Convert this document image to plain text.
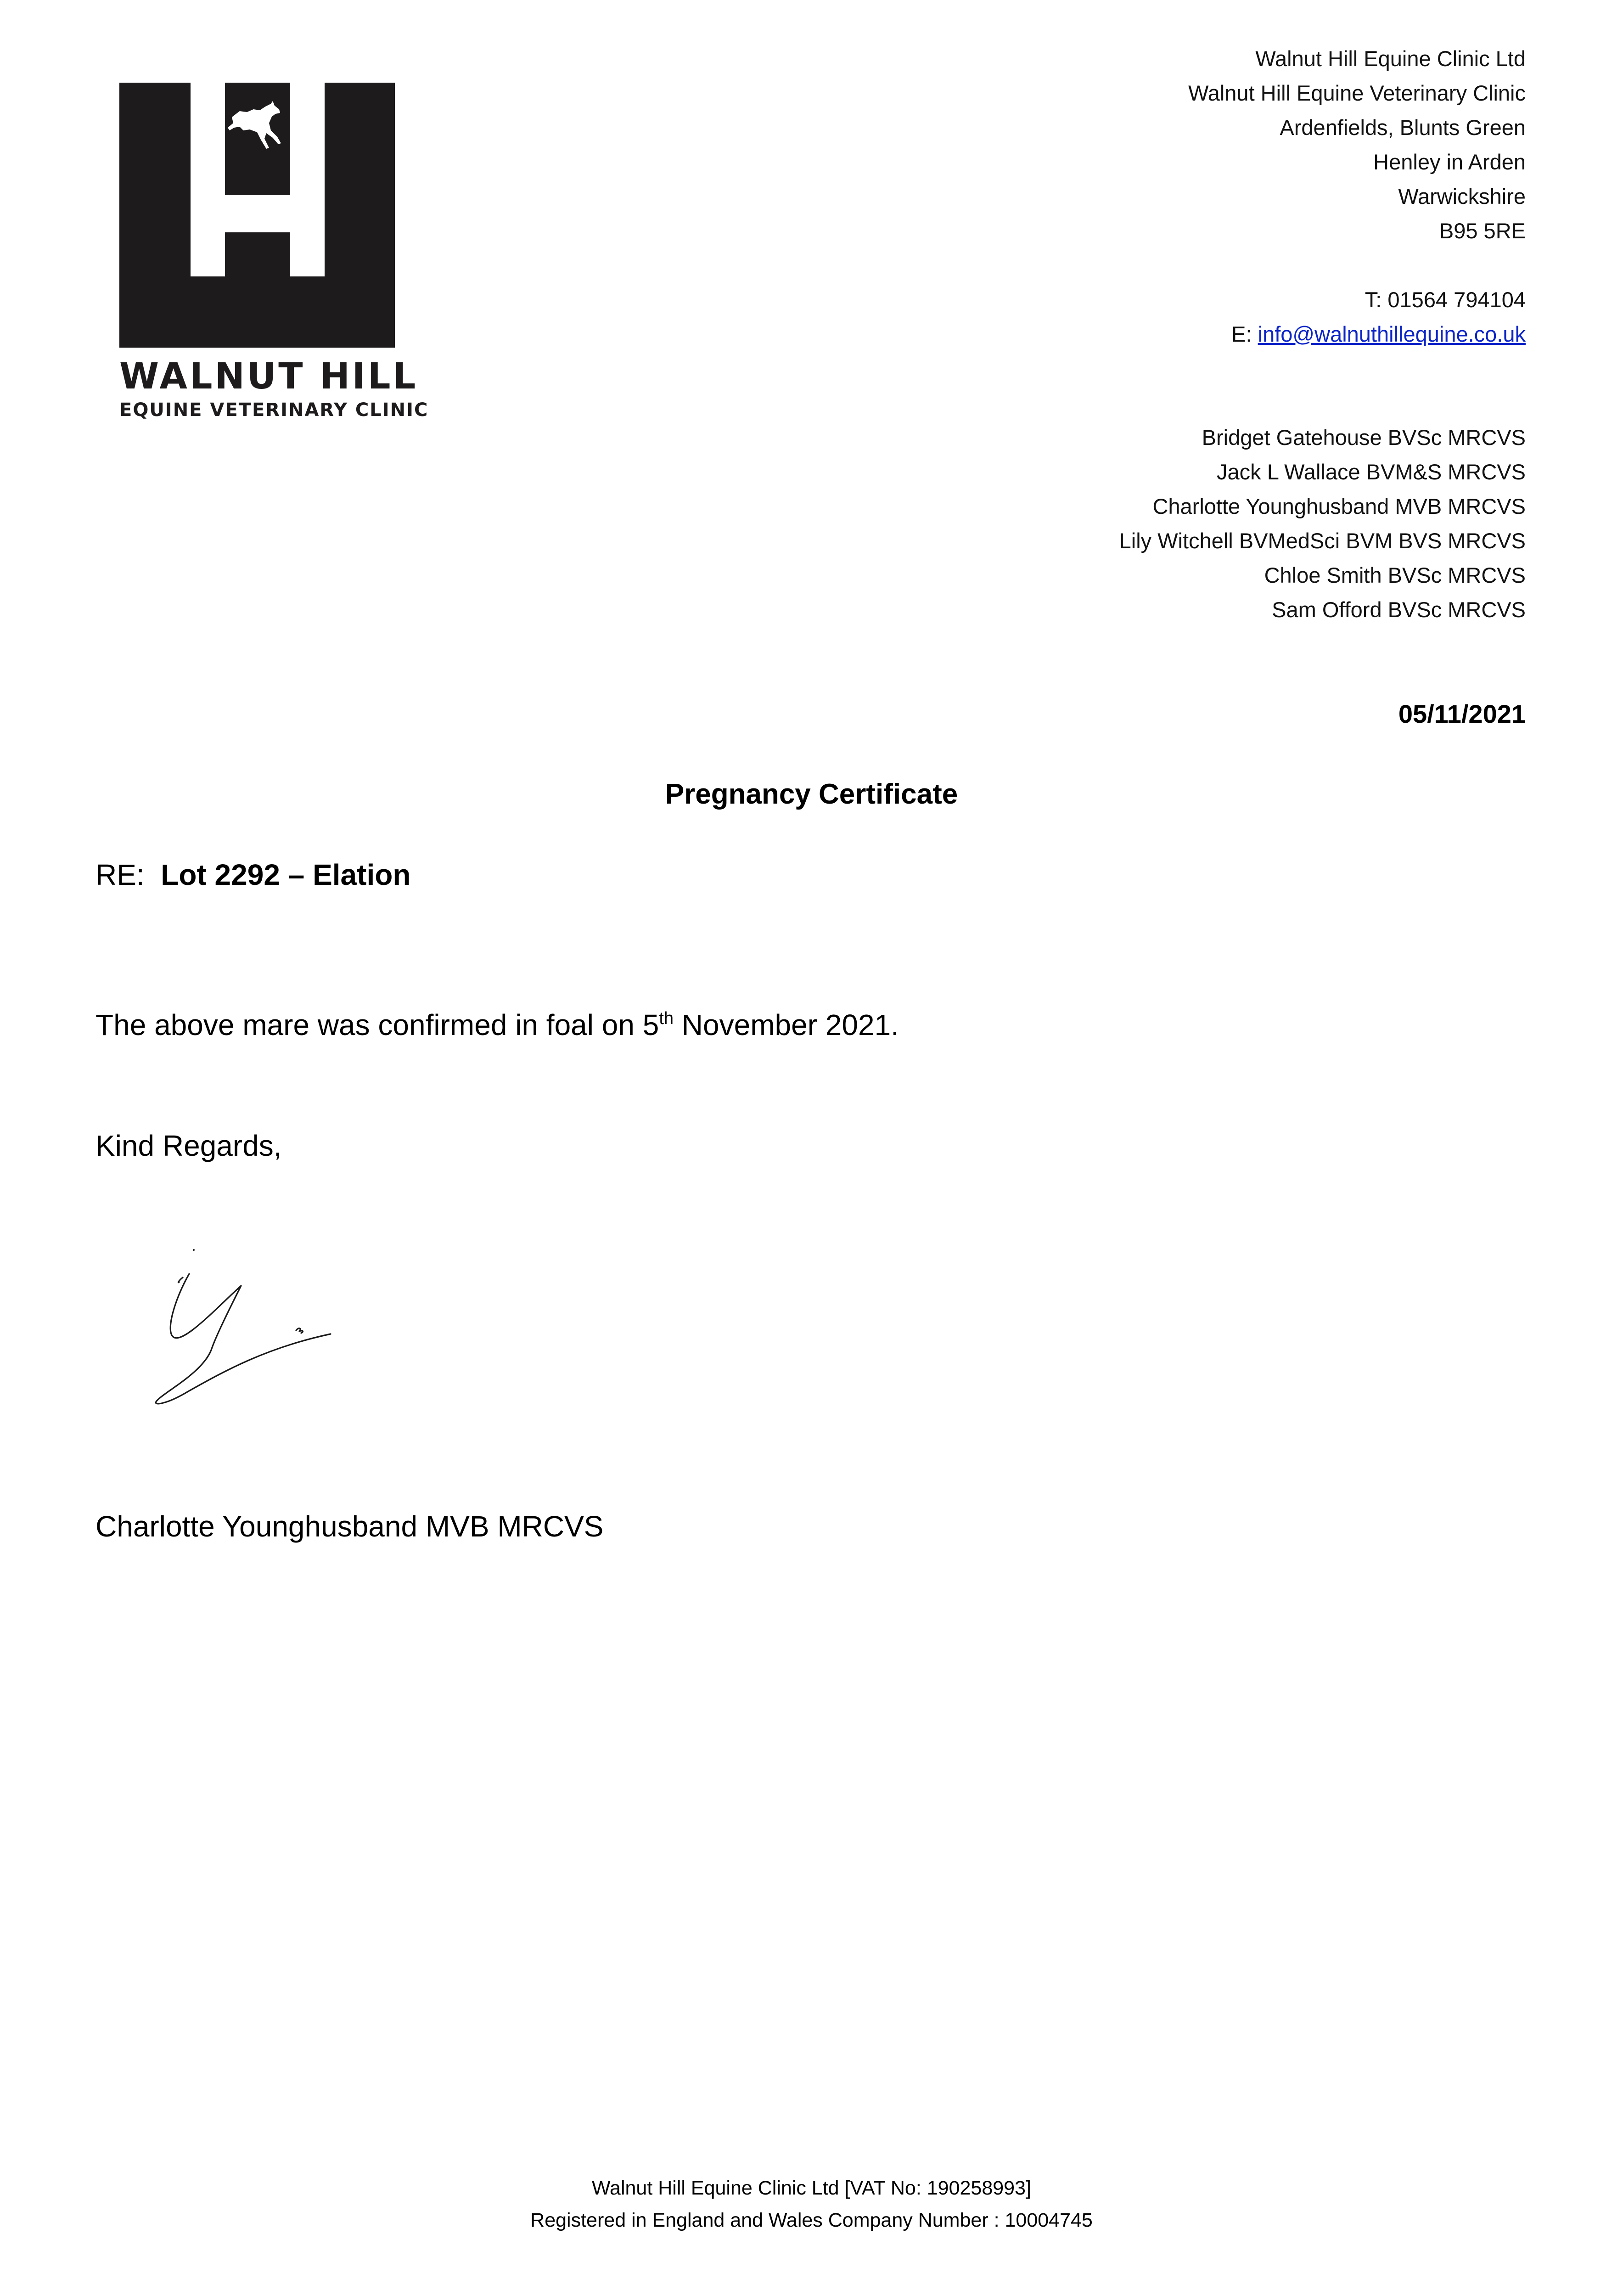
WALNUT HILL
EQUINE VETERINARY CLINIC
Walnut Hill Equine Clinic Ltd
Walnut Hill Equine Veterinary Clinic
Ardenfields, Blunts Green
Henley in Arden
Warwickshire
B95 5RE
T: 01564 794104
E: info@walnuthillequine.co.uk
Bridget Gatehouse BVSc MRCVS
Jack L Wallace BVM&S MRCVS
Charlotte Younghusband MVB MRCVS
Lily Witchell BVMedSci BVM BVS MRCVS
Chloe Smith BVSc MRCVS
Sam Offord BVSc MRCVS
05/11/2021
Pregnancy Certificate
RE: Lot 2292 – Elation
The above mare was confirmed in foal on 5th November 2021.
Kind Regards,
Charlotte Younghusband MVB MRCVS
Walnut Hill Equine Clinic Ltd [VAT No: 190258993]
Registered in England and Wales Company Number : 10004745
